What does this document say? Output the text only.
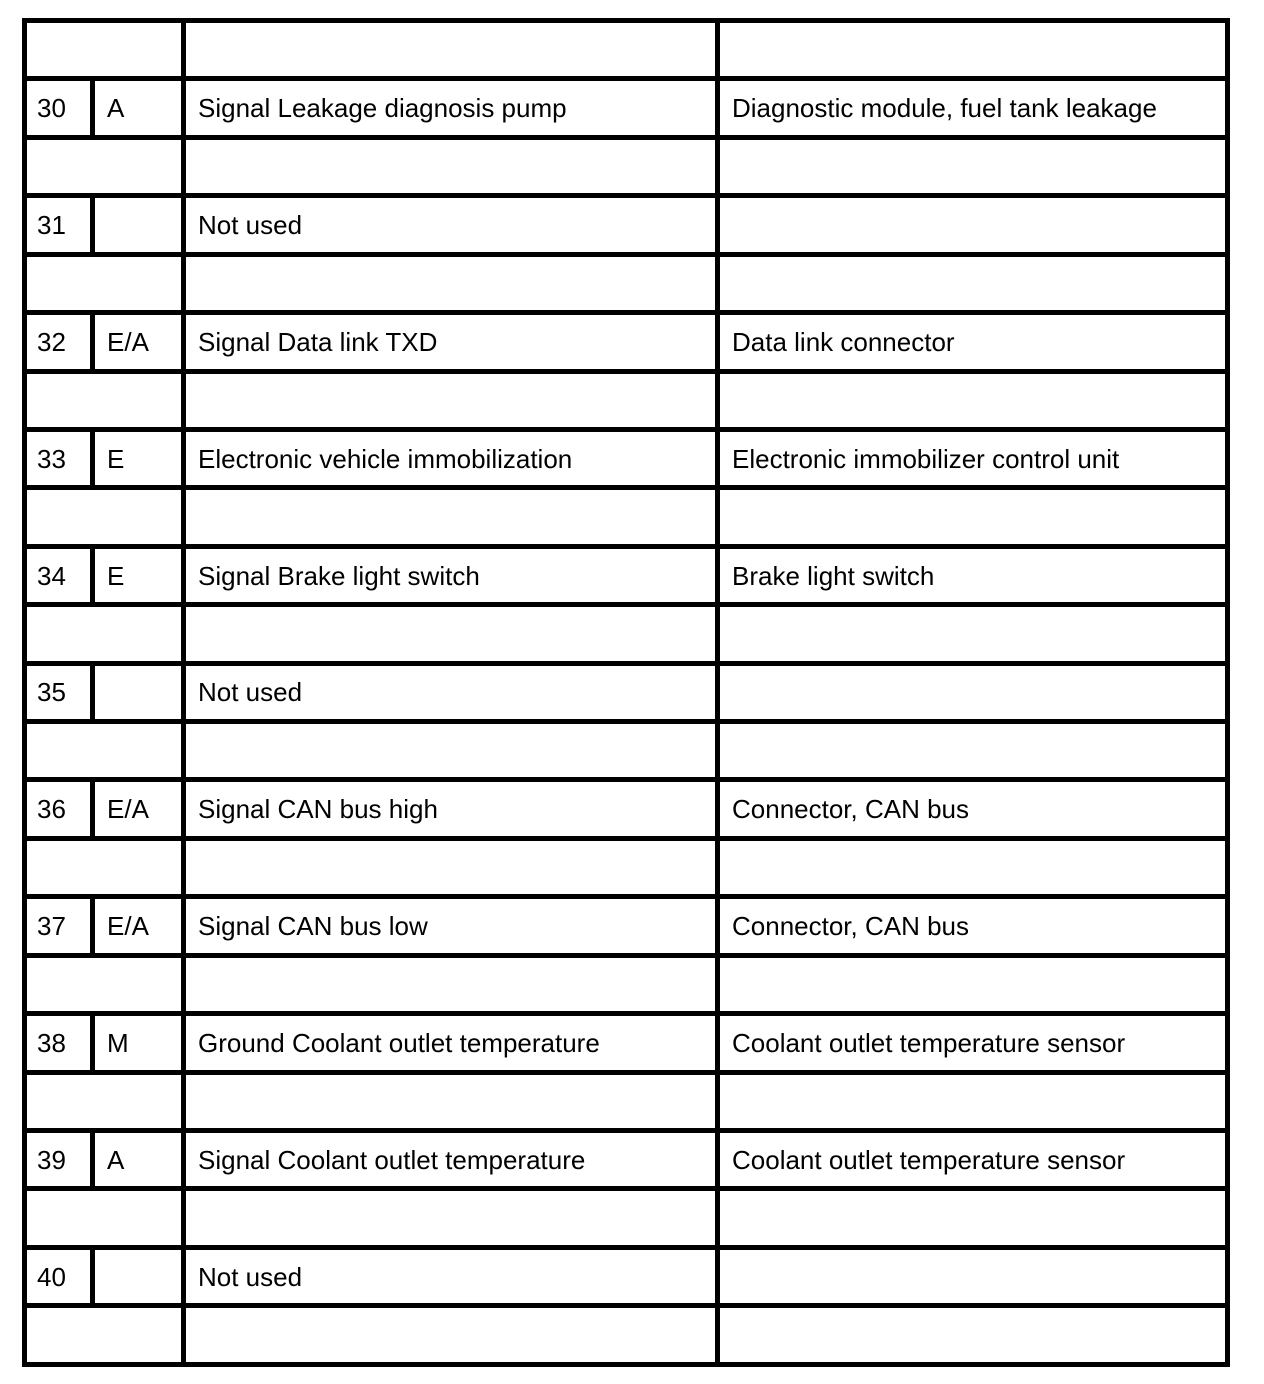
30	A	Signal Leakage diagnosis pump	Diagnostic module, fuel tank leakage

31		Not used	

32	E/A	Signal Data link TXD	Data link connector

33	E	Electronic vehicle immobilization	Electronic immobilizer control unit

34	E	Signal Brake light switch	Brake light switch

35		Not used	

36	E/A	Signal CAN bus high	Connector, CAN bus

37	E/A	Signal CAN bus low	Connector, CAN bus

38	M	Ground Coolant outlet temperature	Coolant outlet temperature sensor

39	A	Signal Coolant outlet temperature	Coolant outlet temperature sensor

40		Not used	
